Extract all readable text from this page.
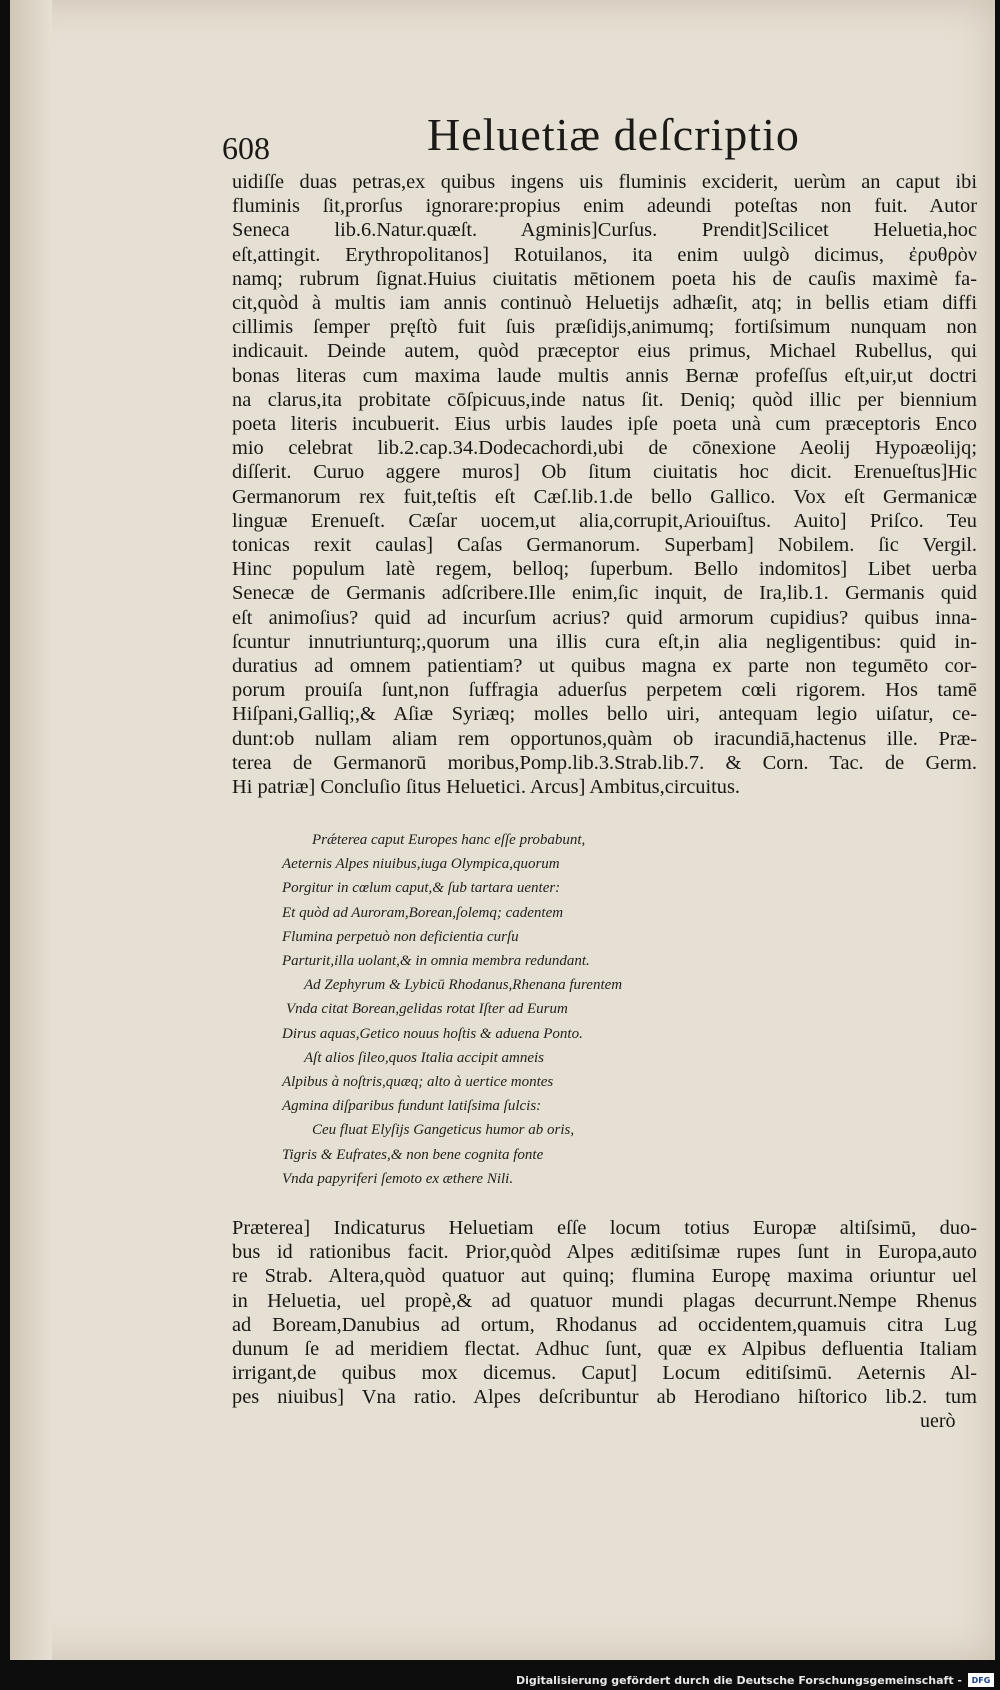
608	Heluetiæ deſcriptio
uidiſſe duas petras,ex quibus ingens uis fluminis exciderit, uerùm an caput ibi
fluminis ſit,prorſus ignorare:propius enim adeundi poteſtas non fuit. Autor
Seneca lib.6.Natur.quæſt. Agminis]Curſus. Prendit]Scilicet Heluetia,hoc
eſt,attingit. Erythropolitanos] Rotuilanos, ita enim uulgò dicimus, ἐρυθρὸν
namq; rubrum ſignat.Huius ciuitatis mētionem poeta his de cauſis maximè fa-
cit,quòd à multis iam annis continuò Heluetijs adhæſit, atq; in bellis etiam diffi
cillimis ſemper pręſtò fuit ſuis præſidijs,animumq; fortiſsimum nunquam non
indicauit. Deinde autem, quòd præceptor eius primus, Michael Rubellus, qui
bonas literas cum maxima laude multis annis Bernæ profeſſus eſt,uir,ut doctri
na clarus,ita probitate cōſpicuus,inde natus ſit. Deniq; quòd illic per biennium
poeta literis incubuerit. Eius urbis laudes ipſe poeta unà cum præceptoris Enco
mio celebrat lib.2.cap.34.Dodecachordi,ubi de cōnexione Aeolij Hypoæolijq;
diſſerit. Curuo aggere muros] Ob ſitum ciuitatis hoc dicit. Erenueſtus]Hic
Germanorum rex fuit,teſtis eſt Cæſ.lib.1.de bello Gallico. Vox eſt Germanicæ
linguæ Erenueſt. Cæſar uocem,ut alia,corrupit,Ariouiſtus. Auito] Priſco. Teu
tonicas rexit caulas] Caſas Germanorum. Superbam] Nobilem. ſic Vergil.
Hinc populum latè regem, belloq; ſuperbum. Bello indomitos] Libet uerba
Senecæ de Germanis adſcribere.Ille enim,ſic inquit, de Ira,lib.1. Germanis quid
eſt animoſius? quid ad incurſum acrius? quid armorum cupidius? quibus inna-
ſcuntur innutriunturq;,quorum una illis cura eſt,in alia negligentibus: quid in-
duratius ad omnem patientiam? ut quibus magna ex parte non tegumēto cor-
porum prouiſa ſunt,non ſuffragia aduerſus perpetem cœli rigorem. Hos tamē
Hiſpani,Galliq;,& Aſiæ Syriæq; molles bello uiri, antequam legio uiſatur, ce-
dunt:ob nullam aliam rem opportunos,quàm ob iracundiā,hactenus ille. Præ-
terea de Germanorū moribus,Pomp.lib.3.Strab.lib.7. & Corn. Tac. de Germ.
Hi patriæ] Concluſio ſitus Heluetici. Arcus] Ambitus,circuitus.
Prǽterea caput Europes hanc eſſe probabunt,
Aeternis Alpes niuibus,iuga Olympica,quorum
Porgitur in cœlum caput,& ſub tartara uenter:
Et quòd ad Auroram,Borean,ſolemq; cadentem
Flumina perpetuò non deficientia curſu
Parturit,illa uolant,& in omnia membra redundant.
Ad Zephyrum & Lybicū Rhodanus,Rhenana furentem
Vnda citat Borean,gelidas rotat Iſter ad Eurum
Dirus aquas,Getico nouus hoſtis & aduena Ponto.
Aſt alios ſileo,quos Italia accipit amneis
Alpibus à noſtris,quæq; alto à uertice montes
Agmina diſparibus fundunt latiſsima ſulcis:
Ceu fluat Elyſijs Gangeticus humor ab oris,
Tigris & Eufrates,& non bene cognita fonte
Vnda papyriferi ſemoto ex æthere Nili.
Præterea] Indicaturus Heluetiam eſſe locum totius Europæ altiſsimū, duo-
bus id rationibus facit. Prior,quòd Alpes æditiſsimæ rupes ſunt in Europa,auto
re Strab. Altera,quòd quatuor aut quinq; flumina Europę maxima oriuntur uel
in Heluetia, uel propè,& ad quatuor mundi plagas decurrunt.Nempe Rhenus
ad Boream,Danubius ad ortum, Rhodanus ad occidentem,quamuis citra Lug
dunum ſe ad meridiem flectat. Adhuc ſunt, quæ ex Alpibus defluentia Italiam
irrigant,de quibus mox dicemus. Caput] Locum editiſsimū. Aeternis Al-
pes niuibus] Vna ratio. Alpes deſcribuntur ab Herodiano hiſtorico lib.2. tum
uerò
Digitalisierung gefördert durch die Deutsche Forschungsgemeinschaft -	DFG
